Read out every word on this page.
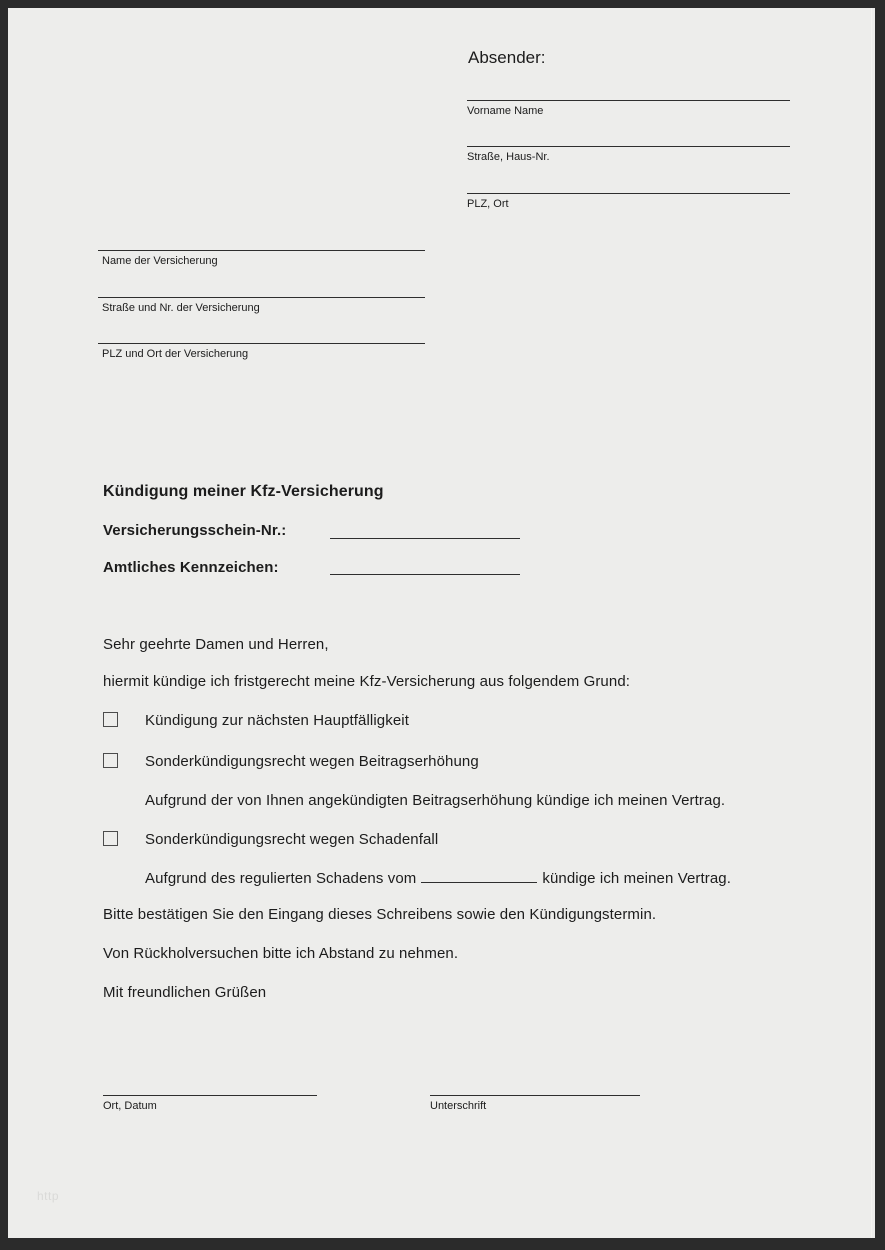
Absender:
Vorname Name
Straße, Haus-Nr.
PLZ, Ort
Name der Versicherung
Straße und Nr. der Versicherung
PLZ und Ort der Versicherung
Kündigung meiner Kfz-Versicherung
Versicherungsschein-Nr.:
Amtliches Kennzeichen:
Sehr geehrte Damen und Herren,
hiermit kündige ich fristgerecht meine Kfz-Versicherung aus folgendem Grund:
Kündigung zur nächsten Hauptfälligkeit
Sonderkündigungsrecht wegen Beitragserhöhung
Aufgrund der von Ihnen angekündigten Beitragserhöhung kündige ich meinen Vertrag.
Sonderkündigungsrecht wegen Schadenfall
Aufgrund des regulierten Schadens vom	kündige ich meinen Vertrag.
Bitte bestätigen Sie den Eingang dieses Schreibens sowie den Kündigungstermin.
Von Rückholversuchen bitte ich Abstand zu nehmen.
Mit freundlichen Grüßen
Ort, Datum	Unterschrift
http
